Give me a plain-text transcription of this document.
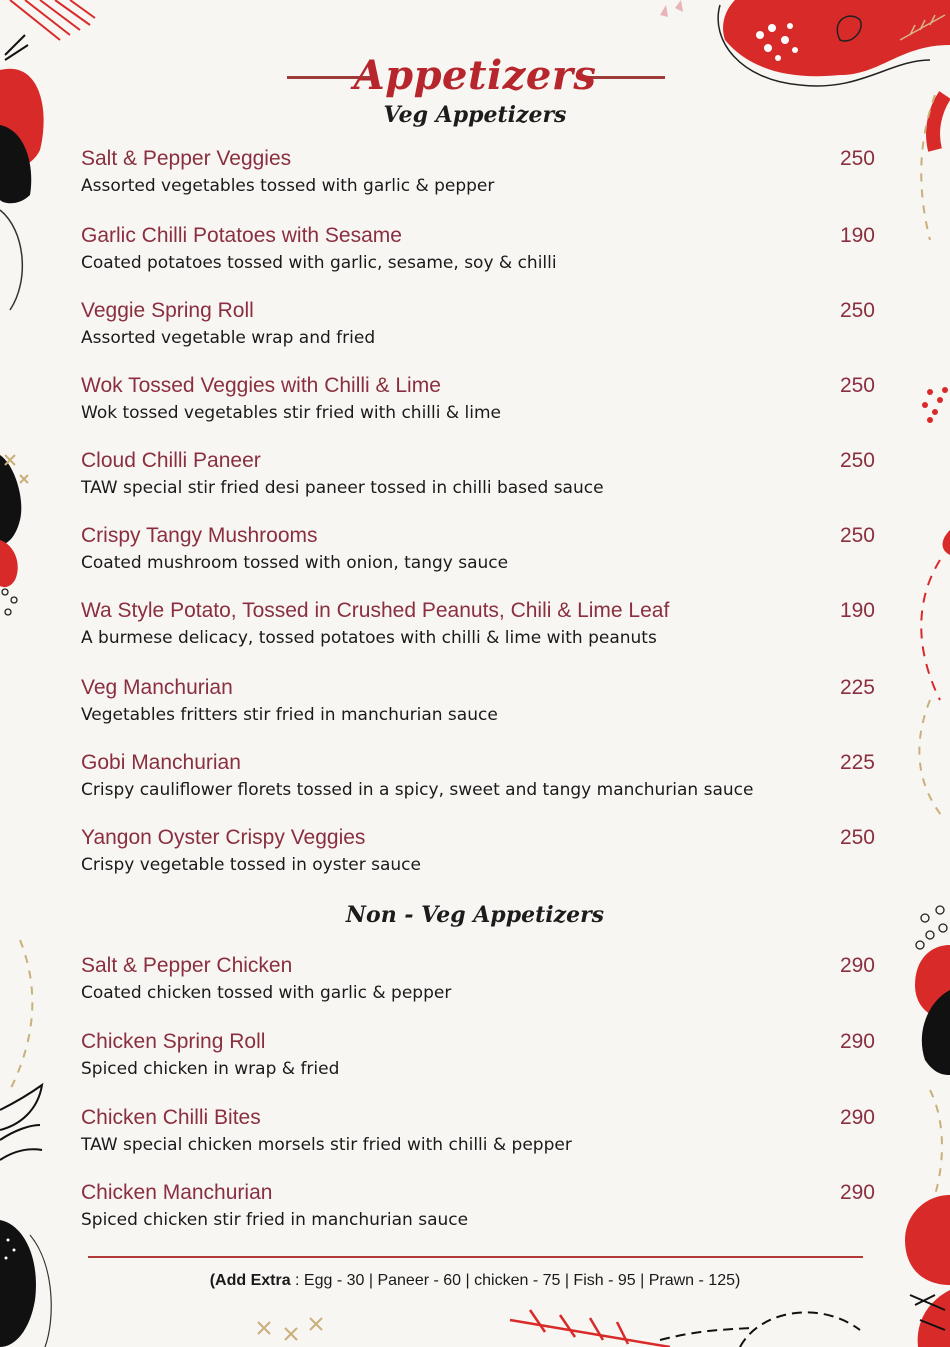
Appetizers
Veg Appetizers
Salt & Pepper Veggies	250
Assorted vegetables tossed with garlic & pepper
Garlic Chilli Potatoes with Sesame	190
Coated potatoes tossed with garlic, sesame, soy & chilli
Veggie Spring Roll	250
Assorted vegetable wrap and fried
Wok Tossed Veggies with Chilli & Lime	250
Wok tossed vegetables stir fried with chilli & lime
Cloud Chilli Paneer	250
TAW special stir fried desi paneer tossed in chilli based sauce
Crispy Tangy Mushrooms	250
Coated mushroom tossed with onion, tangy sauce
Wa Style Potato, Tossed in Crushed Peanuts, Chili & Lime Leaf	190
A burmese delicacy, tossed potatoes with chilli & lime with peanuts
Veg Manchurian	225
Vegetables fritters stir fried in manchurian sauce
Gobi Manchurian	225
Crispy cauliflower florets tossed in a spicy, sweet and tangy manchurian sauce
Yangon Oyster Crispy Veggies	250
Crispy vegetable tossed in oyster sauce
Non - Veg Appetizers
Salt & Pepper Chicken	290
Coated chicken tossed with garlic & pepper
Chicken Spring Roll	290
Spiced chicken in wrap & fried
Chicken Chilli Bites	290
TAW special chicken morsels stir fried with chilli & pepper
Chicken Manchurian	290
Spiced chicken stir fried in manchurian sauce
(Add Extra : Egg - 30 | Paneer - 60 | chicken - 75 | Fish - 95 | Prawn - 125)
